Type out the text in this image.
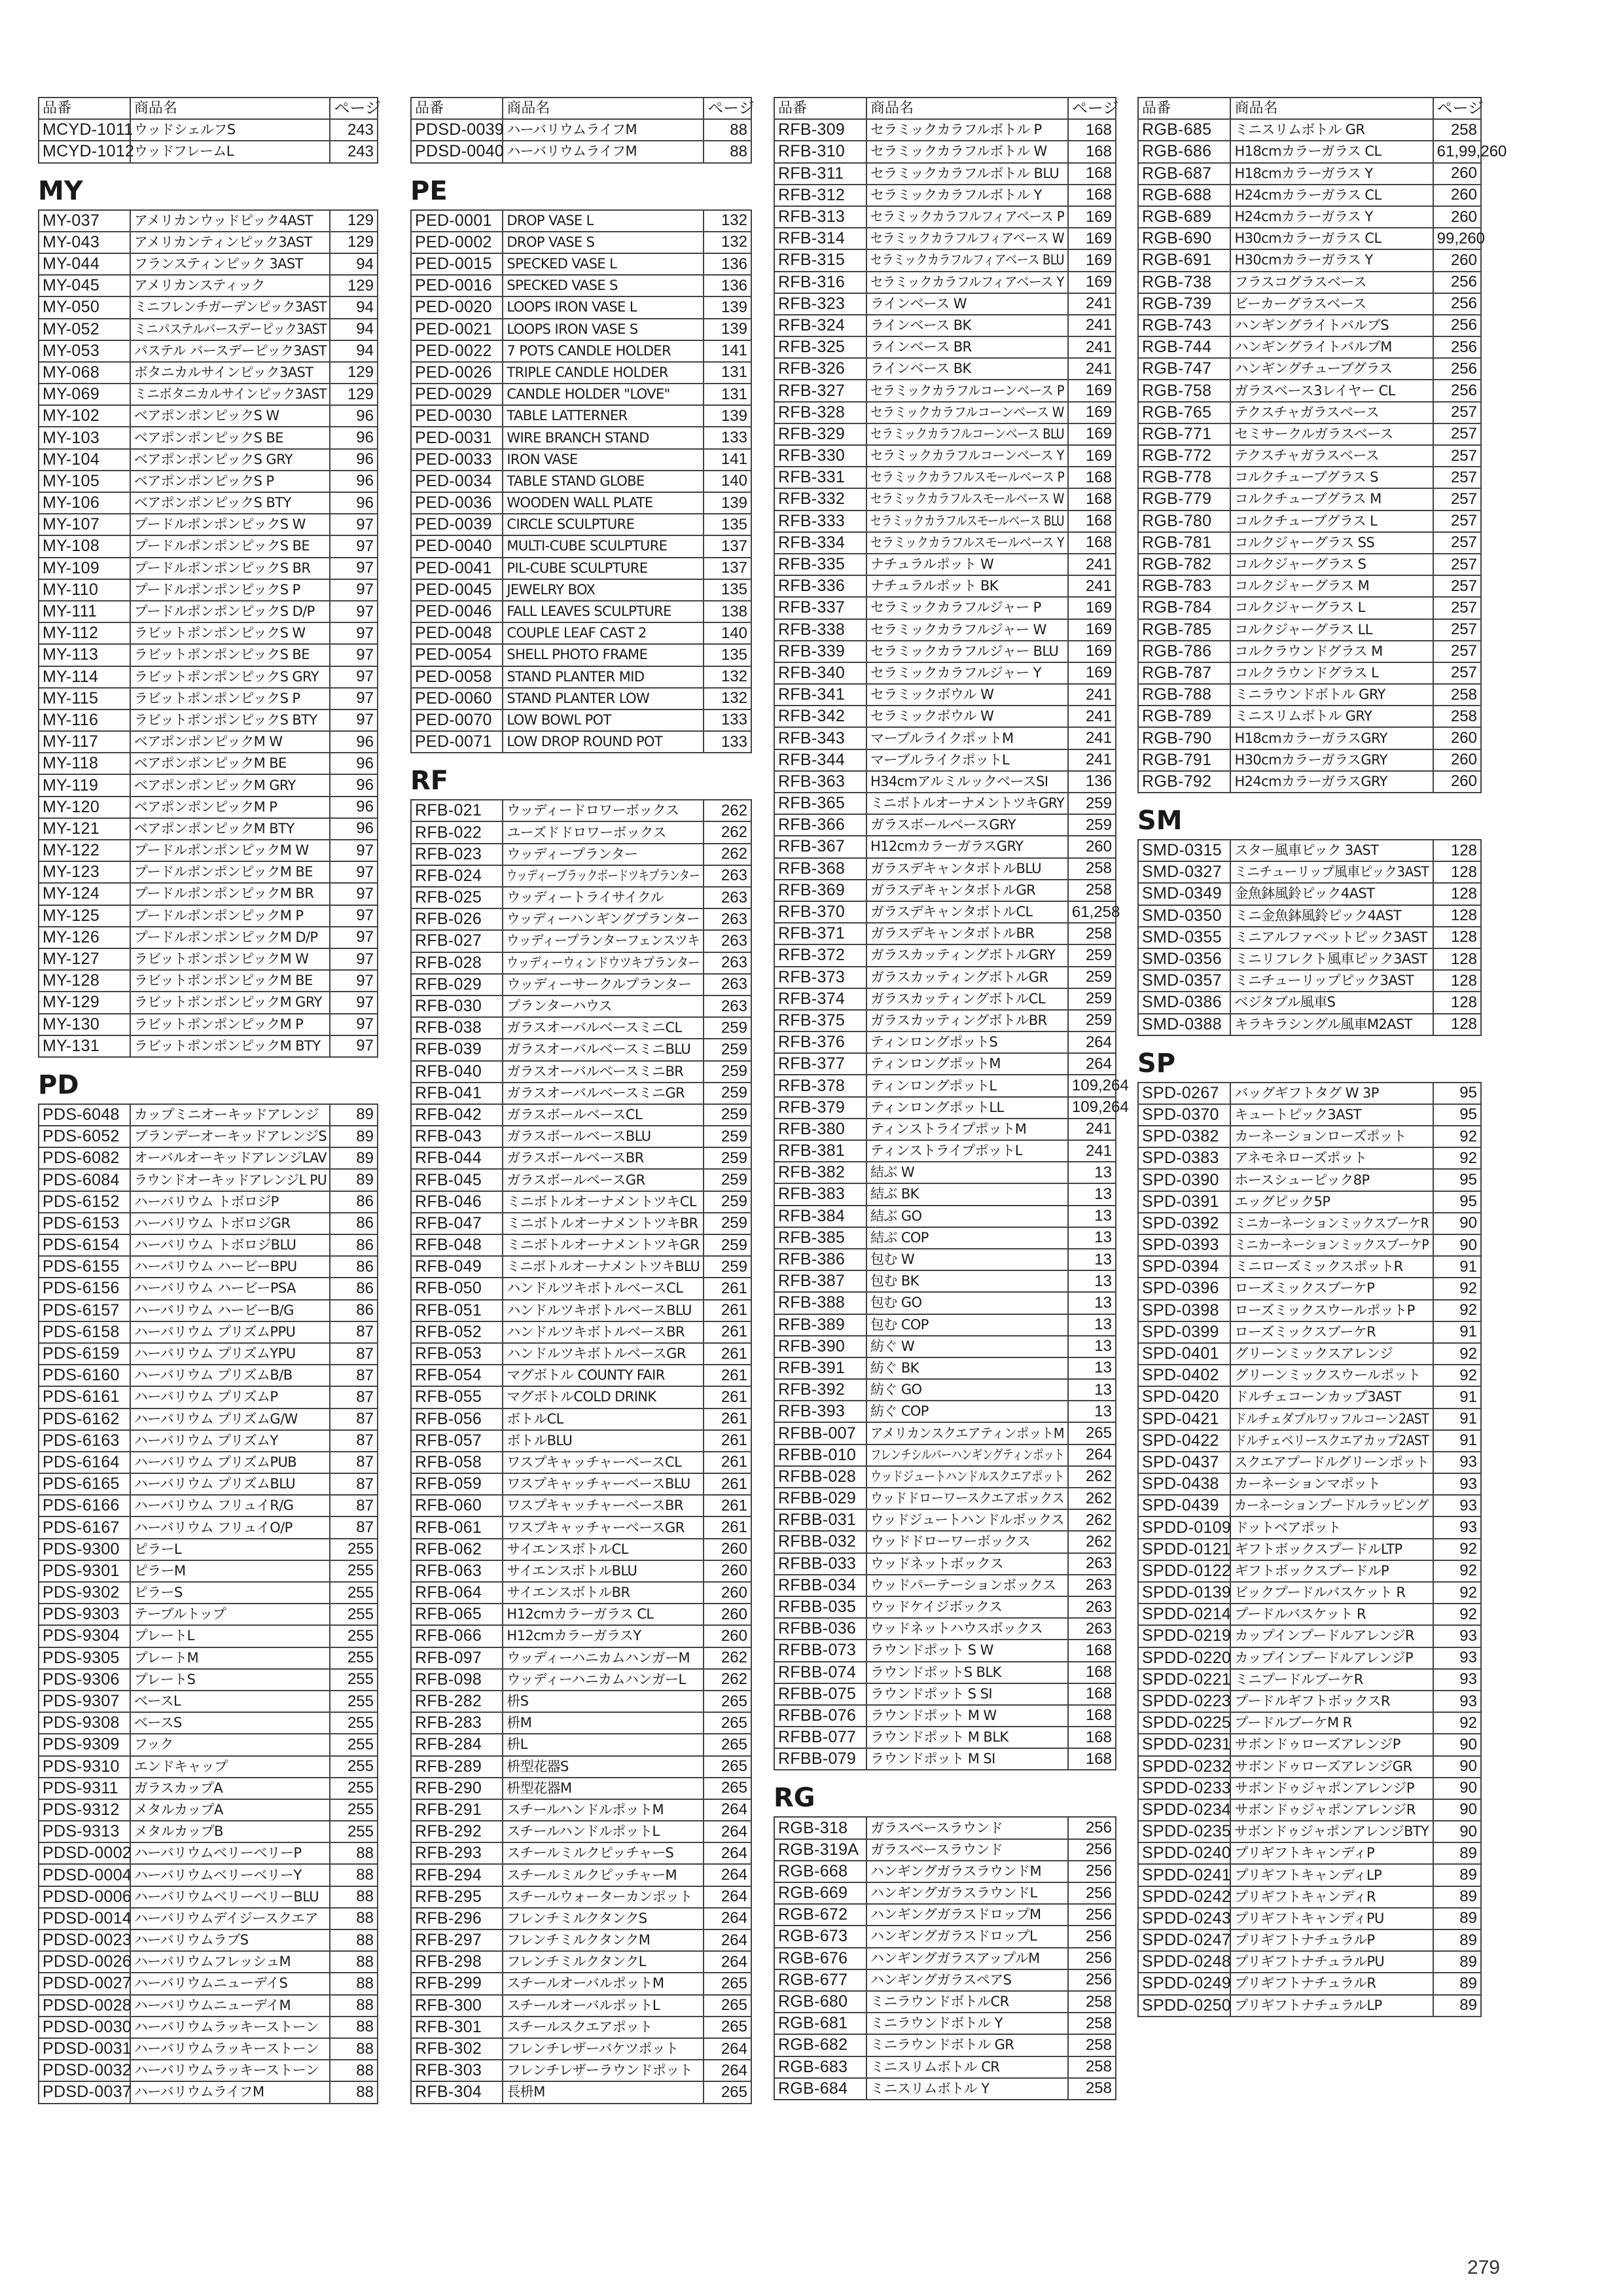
品番	商品名	ページ
MCYD-1011	ウッドシェルフS	243
MCYD-1012	ウッドフレームL	243
MY
MY-037	アメリカンウッドピック4AST	129
MY-043	アメリカンティンピック3AST	129
MY-044	フランスティンピック 3AST	94
MY-045	アメリカンスティック	129
MY-050	ミニフレンチガーデンピック3AST	94
MY-052	ミニパステルバースデーピック3AST	94
MY-053	パステル バースデーピック3AST	94
MY-068	ボタニカルサインピック3AST	129
MY-069	ミニボタニカルサインピック3AST	129
MY-102	ベアポンポンピックS W	96
MY-103	ベアポンポンピックS BE	96
MY-104	ベアポンポンピックS GRY	96
MY-105	ベアポンポンピックS P	96
MY-106	ベアポンポンピックS BTY	96
MY-107	プードルポンポンピックS W	97
MY-108	プードルポンポンピックS BE	97
MY-109	プードルポンポンピックS BR	97
MY-110	プードルポンポンピックS P	97
MY-111	プードルポンポンピックS D/P	97
MY-112	ラビットポンポンピックS W	97
MY-113	ラビットポンポンピックS BE	97
MY-114	ラビットポンポンピックS GRY	97
MY-115	ラビットポンポンピックS P	97
MY-116	ラビットポンポンピックS BTY	97
MY-117	ベアポンポンピックM W	96
MY-118	ベアポンポンピックM BE	96
MY-119	ベアポンポンピックM GRY	96
MY-120	ベアポンポンピックM P	96
MY-121	ベアポンポンピックM BTY	96
MY-122	プードルポンポンピックM W	97
MY-123	プードルポンポンピックM BE	97
MY-124	プードルポンポンピックM BR	97
MY-125	プードルポンポンピックM P	97
MY-126	プードルポンポンピックM D/P	97
MY-127	ラビットポンポンピックM W	97
MY-128	ラビットポンポンピックM BE	97
MY-129	ラビットポンポンピックM GRY	97
MY-130	ラビットポンポンピックM P	97
MY-131	ラビットポンポンピックM BTY	97
PD
PDS-6048	カップミニオーキッドアレンジ	89
PDS-6052	ブランデーオーキッドアレンジS	89
PDS-6082	オーバルオーキッドアレンジLAV	89
PDS-6084	ラウンドオーキッドアレンジL PU	89
PDS-6152	ハーバリウム トボロジP	86
PDS-6153	ハーバリウム トボロジGR	86
PDS-6154	ハーバリウム トボロジBLU	86
PDS-6155	ハーバリウム ハービーBPU	86
PDS-6156	ハーバリウム ハービーPSA	86
PDS-6157	ハーバリウム ハービーB/G	86
PDS-6158	ハーバリウム プリズムPPU	87
PDS-6159	ハーバリウム プリズムYPU	87
PDS-6160	ハーバリウム プリズムB/B	87
PDS-6161	ハーバリウム プリズムP	87
PDS-6162	ハーバリウム プリズムG/W	87
PDS-6163	ハーバリウム プリズムY	87
PDS-6164	ハーバリウム プリズムPUB	87
PDS-6165	ハーバリウム プリズムBLU	87
PDS-6166	ハーバリウム フリュイR/G	87
PDS-6167	ハーバリウム フリュイO/P	87
PDS-9300	ピラーL	255
PDS-9301	ピラーM	255
PDS-9302	ピラーS	255
PDS-9303	テーブルトップ	255
PDS-9304	プレートL	255
PDS-9305	プレートM	255
PDS-9306	プレートS	255
PDS-9307	ベースL	255
PDS-9308	ベースS	255
PDS-9309	フック	255
PDS-9310	エンドキャップ	255
PDS-9311	ガラスカップA	255
PDS-9312	メタルカップA	255
PDS-9313	メタルカップB	255
PDSD-0002	ハーバリウムベリーベリーP	88
PDSD-0004	ハーバリウムベリーベリーY	88
PDSD-0006	ハーバリウムベリーベリーBLU	88
PDSD-0014	ハーバリウムデイジースクエア	88
PDSD-0023	ハーバリウムラブS	88
PDSD-0026	ハーバリウムフレッシュM	88
PDSD-0027	ハーバリウムニューデイS	88
PDSD-0028	ハーバリウムニューデイM	88
PDSD-0030	ハーバリウムラッキーストーン	88
PDSD-0031	ハーバリウムラッキーストーン	88
PDSD-0032	ハーバリウムラッキーストーン	88
PDSD-0037	ハーバリウムライフM	88
品番	商品名	ページ
PDSD-0039	ハーバリウムライフM	88
PDSD-0040	ハーバリウムライフM	88
PE
PED-0001	DROP VASE L	132
PED-0002	DROP VASE S	132
PED-0015	SPECKED VASE L	136
PED-0016	SPECKED VASE S	136
PED-0020	LOOPS IRON VASE L	139
PED-0021	LOOPS IRON VASE S	139
PED-0022	7 POTS CANDLE HOLDER	141
PED-0026	TRIPLE CANDLE HOLDER	131
PED-0029	CANDLE HOLDER "LOVE"	131
PED-0030	TABLE LATTERNER	139
PED-0031	WIRE BRANCH STAND	133
PED-0033	IRON VASE	141
PED-0034	TABLE STAND GLOBE	140
PED-0036	WOODEN WALL PLATE	139
PED-0039	CIRCLE SCULPTURE	135
PED-0040	MULTI-CUBE SCULPTURE	137
PED-0041	PIL-CUBE SCULPTURE	137
PED-0045	JEWELRY BOX	135
PED-0046	FALL LEAVES SCULPTURE	138
PED-0048	COUPLE LEAF CAST 2	140
PED-0054	SHELL PHOTO FRAME	135
PED-0058	STAND PLANTER MID	132
PED-0060	STAND PLANTER LOW	132
PED-0070	LOW BOWL POT	133
PED-0071	LOW DROP ROUND POT	133
RF
RFB-021	ウッディードロワーボックス	262
RFB-022	ユーズドドロワーボックス	262
RFB-023	ウッディープランター	262
RFB-024	ウッディーブラックボードツキプランター	263
RFB-025	ウッディートライサイクル	263
RFB-026	ウッディーハンギングプランター	263
RFB-027	ウッディープランターフェンスツキ	263
RFB-028	ウッディーウィンドウツキプランター	263
RFB-029	ウッディーサークルプランター	263
RFB-030	プランターハウス	263
RFB-038	ガラスオーバルベースミニCL	259
RFB-039	ガラスオーバルベースミニBLU	259
RFB-040	ガラスオーバルベースミニBR	259
RFB-041	ガラスオーバルベースミニGR	259
RFB-042	ガラスボールベースCL	259
RFB-043	ガラスボールベースBLU	259
RFB-044	ガラスボールベースBR	259
RFB-045	ガラスボールベースGR	259
RFB-046	ミニボトルオーナメントツキCL	259
RFB-047	ミニボトルオーナメントツキBR	259
RFB-048	ミニボトルオーナメントツキGR	259
RFB-049	ミニボトルオーナメントツキBLU	259
RFB-050	ハンドルツキボトルベースCL	261
RFB-051	ハンドルツキボトルベースBLU	261
RFB-052	ハンドルツキボトルベースBR	261
RFB-053	ハンドルツキボトルベースGR	261
RFB-054	マグボトル COUNTY FAIR	261
RFB-055	マグボトルCOLD DRINK	261
RFB-056	ボトルCL	261
RFB-057	ボトルBLU	261
RFB-058	ワスプキャッチャーベースCL	261
RFB-059	ワスプキャッチャーベースBLU	261
RFB-060	ワスプキャッチャーベースBR	261
RFB-061	ワスプキャッチャーベースGR	261
RFB-062	サイエンスボトルCL	260
RFB-063	サイエンスボトルBLU	260
RFB-064	サイエンスボトルBR	260
RFB-065	H12cmカラーガラス CL	260
RFB-066	H12cmカラーガラスY	260
RFB-097	ウッディーハニカムハンガーM	262
RFB-098	ウッディーハニカムハンガーL	262
RFB-282	枡S	265
RFB-283	枡M	265
RFB-284	枡L	265
RFB-289	枡型花器S	265
RFB-290	枡型花器M	265
RFB-291	スチールハンドルポットM	264
RFB-292	スチールハンドルポットL	264
RFB-293	スチールミルクピッチャーS	264
RFB-294	スチールミルクピッチャーM	264
RFB-295	スチールウォーターカンポット	264
RFB-296	フレンチミルクタンクS	264
RFB-297	フレンチミルクタンクM	264
RFB-298	フレンチミルクタンクL	264
RFB-299	スチールオーバルポットM	265
RFB-300	スチールオーバルポットL	265
RFB-301	スチールスクエアポット	265
RFB-302	フレンチレザーバケツポット	264
RFB-303	フレンチレザーラウンドポット	264
RFB-304	長枡M	265
品番	商品名	ページ
RFB-309	セラミックカラフルボトル P	168
RFB-310	セラミックカラフルボトル W	168
RFB-311	セラミックカラフルボトル BLU	168
RFB-312	セラミックカラフルボトル Y	168
RFB-313	セラミックカラフルフィアベース P	169
RFB-314	セラミックカラフルフィアベース W	169
RFB-315	セラミックカラフルフィアベース BLU	169
RFB-316	セラミックカラフルフィアベース Y	169
RFB-323	ラインベース W	241
RFB-324	ラインベース BK	241
RFB-325	ラインベース BR	241
RFB-326	ラインベース BK	241
RFB-327	セラミックカラフルコーンベース P	169
RFB-328	セラミックカラフルコーンベース W	169
RFB-329	セラミックカラフルコーンベース BLU	169
RFB-330	セラミックカラフルコーンベース Y	169
RFB-331	セラミックカラフルスモールベース P	168
RFB-332	セラミックカラフルスモールベース W	168
RFB-333	セラミックカラフルスモールベース BLU	168
RFB-334	セラミックカラフルスモールベース Y	168
RFB-335	ナチュラルポット W	241
RFB-336	ナチュラルポット BK	241
RFB-337	セラミックカラフルジャー P	169
RFB-338	セラミックカラフルジャー W	169
RFB-339	セラミックカラフルジャー BLU	169
RFB-340	セラミックカラフルジャー Y	169
RFB-341	セラミックボウル W	241
RFB-342	セラミックボウル W	241
RFB-343	マーブルライクポットM	241
RFB-344	マーブルライクポットL	241
RFB-363	H34cmアルミルックベースSI	136
RFB-365	ミニボトルオーナメントツキGRY	259
RFB-366	ガラスボールベースGRY	259
RFB-367	H12cmカラーガラスGRY	260
RFB-368	ガラスデキャンタボトルBLU	258
RFB-369	ガラスデキャンタボトルGR	258
RFB-370	ガラスデキャンタボトルCL	61,258
RFB-371	ガラスデキャンタボトルBR	258
RFB-372	ガラスカッティングボトルGRY	259
RFB-373	ガラスカッティングボトルGR	259
RFB-374	ガラスカッティングボトルCL	259
RFB-375	ガラスカッティングボトルBR	259
RFB-376	ティンロングポットS	264
RFB-377	ティンロングポットM	264
RFB-378	ティンロングポットL	109,264
RFB-379	ティンロングポットLL	109,264
RFB-380	ティンストライプポットM	241
RFB-381	ティンストライプポットL	241
RFB-382	結ぶ W	13
RFB-383	結ぶ BK	13
RFB-384	結ぶ GO	13
RFB-385	結ぶ COP	13
RFB-386	包む W	13
RFB-387	包む BK	13
RFB-388	包む GO	13
RFB-389	包む COP	13
RFB-390	紡ぐ W	13
RFB-391	紡ぐ BK	13
RFB-392	紡ぐ GO	13
RFB-393	紡ぐ COP	13
RFBB-007	アメリカンスクエアティンポットM	265
RFBB-010	フレンチシルバーハンギングティンポット	264
RFBB-028	ウッドジュートハンドルスクエアポット	262
RFBB-029	ウッドドローワースクエアボックス	262
RFBB-031	ウッドジュートハンドルボックス	262
RFBB-032	ウッドドローワーボックス	262
RFBB-033	ウッドネットボックス	263
RFBB-034	ウッドパーテーションボックス	263
RFBB-035	ウッドケイジボックス	263
RFBB-036	ウッドネットハウスボックス	263
RFBB-073	ラウンドポット S W	168
RFBB-074	ラウンドポットS BLK	168
RFBB-075	ラウンドポット S SI	168
RFBB-076	ラウンドポット M W	168
RFBB-077	ラウンドポット M BLK	168
RFBB-079	ラウンドポット M SI	168
RG
RGB-318	ガラスベースラウンド	256
RGB-319A	ガラスベースラウンド	256
RGB-668	ハンギングガラスラウンドM	256
RGB-669	ハンギングガラスラウンドL	256
RGB-672	ハンギングガラスドロップM	256
RGB-673	ハンギングガラスドロップL	256
RGB-676	ハンギングガラスアップルM	256
RGB-677	ハンギングガラスペアS	256
RGB-680	ミニラウンドボトルCR	258
RGB-681	ミニラウンドボトル Y	258
RGB-682	ミニラウンドボトル GR	258
RGB-683	ミニスリムボトル CR	258
RGB-684	ミニスリムボトル Y	258
品番	商品名	ページ
RGB-685	ミニスリムボトル GR	258
RGB-686	H18cmカラーガラス CL	61,99,260
RGB-687	H18cmカラーガラス Y	260
RGB-688	H24cmカラーガラス CL	260
RGB-689	H24cmカラーガラス Y	260
RGB-690	H30cmカラーガラス CL	99,260
RGB-691	H30cmカラーガラス Y	260
RGB-738	フラスコグラスベース	256
RGB-739	ビーカーグラスベース	256
RGB-743	ハンギングライトバルブS	256
RGB-744	ハンギングライトバルブM	256
RGB-747	ハンギングチューブグラス	256
RGB-758	ガラスベース3レイヤー CL	256
RGB-765	テクスチャガラスベース	257
RGB-771	セミサークルガラスベース	257
RGB-772	テクスチャガラスベース	257
RGB-778	コルクチューブグラス S	257
RGB-779	コルクチューブグラス M	257
RGB-780	コルクチューブグラス L	257
RGB-781	コルクジャーグラス SS	257
RGB-782	コルクジャーグラス S	257
RGB-783	コルクジャーグラス M	257
RGB-784	コルクジャーグラス L	257
RGB-785	コルクジャーグラス LL	257
RGB-786	コルクラウンドグラス M	257
RGB-787	コルクラウンドグラス L	257
RGB-788	ミニラウンドボトル GRY	258
RGB-789	ミニスリムボトル GRY	258
RGB-790	H18cmカラーガラスGRY	260
RGB-791	H30cmカラーガラスGRY	260
RGB-792	H24cmカラーガラスGRY	260
SM
SMD-0315	スター風車ピック 3AST	128
SMD-0327	ミニチューリップ風車ピック3AST	128
SMD-0349	金魚鉢風鈴ピック4AST	128
SMD-0350	ミニ金魚鉢風鈴ピック4AST	128
SMD-0355	ミニアルファベットピック3AST	128
SMD-0356	ミニリフレクト風車ピック3AST	128
SMD-0357	ミニチューリップピック3AST	128
SMD-0386	ベジタブル風車S	128
SMD-0388	キラキラシングル風車M2AST	128
SP
SPD-0267	バッグギフトタグ W 3P	95
SPD-0370	キュートピック3AST	95
SPD-0382	カーネーションローズポット	92
SPD-0383	アネモネローズポット	92
SPD-0390	ホースシューピック8P	95
SPD-0391	エッグピック5P	95
SPD-0392	ミニカーネーションミックスブーケR	90
SPD-0393	ミニカーネーションミックスブーケP	90
SPD-0394	ミニローズミックスポットR	91
SPD-0396	ローズミックスブーケP	92
SPD-0398	ローズミックスウールポットP	92
SPD-0399	ローズミックスブーケR	91
SPD-0401	グリーンミックスアレンジ	92
SPD-0402	グリーンミックスウールポット	92
SPD-0420	ドルチェコーンカップ3AST	91
SPD-0421	ドルチェダブルワッフルコーン2AST	91
SPD-0422	ドルチェベリースクエアカップ2AST	91
SPD-0437	スクエアプードルグリーンポット	93
SPD-0438	カーネーションマポット	93
SPD-0439	カーネーションプードルラッピング	93
SPDD-0109	ドットベアポット	93
SPDD-0121	ギフトボックスプードルLTP	92
SPDD-0122	ギフトボックスプードルP	92
SPDD-0139	ビックプードルバスケット R	92
SPDD-0214	プードルバスケット R	92
SPDD-0219	カップインプードルアレンジR	93
SPDD-0220	カップインプードルアレンジP	93
SPDD-0221	ミニプードルブーケR	93
SPDD-0223	プードルギフトボックスR	93
SPDD-0225	プードルブーケM R	92
SPDD-0231	サボンドゥローズアレンジP	90
SPDD-0232	サボンドゥローズアレンジGR	90
SPDD-0233	サボンドゥジャポンアレンジP	90
SPDD-0234	サボンドゥジャポンアレンジR	90
SPDD-0235	サボンドゥジャポンアレンジBTY	90
SPDD-0240	プリギフトキャンディP	89
SPDD-0241	プリギフトキャンディLP	89
SPDD-0242	プリギフトキャンディR	89
SPDD-0243	プリギフトキャンディPU	89
SPDD-0247	プリギフトナチュラルP	89
SPDD-0248	プリギフトナチュラルPU	89
SPDD-0249	プリギフトナチュラルR	89
SPDD-0250	プリギフトナチュラルLP	89
279
